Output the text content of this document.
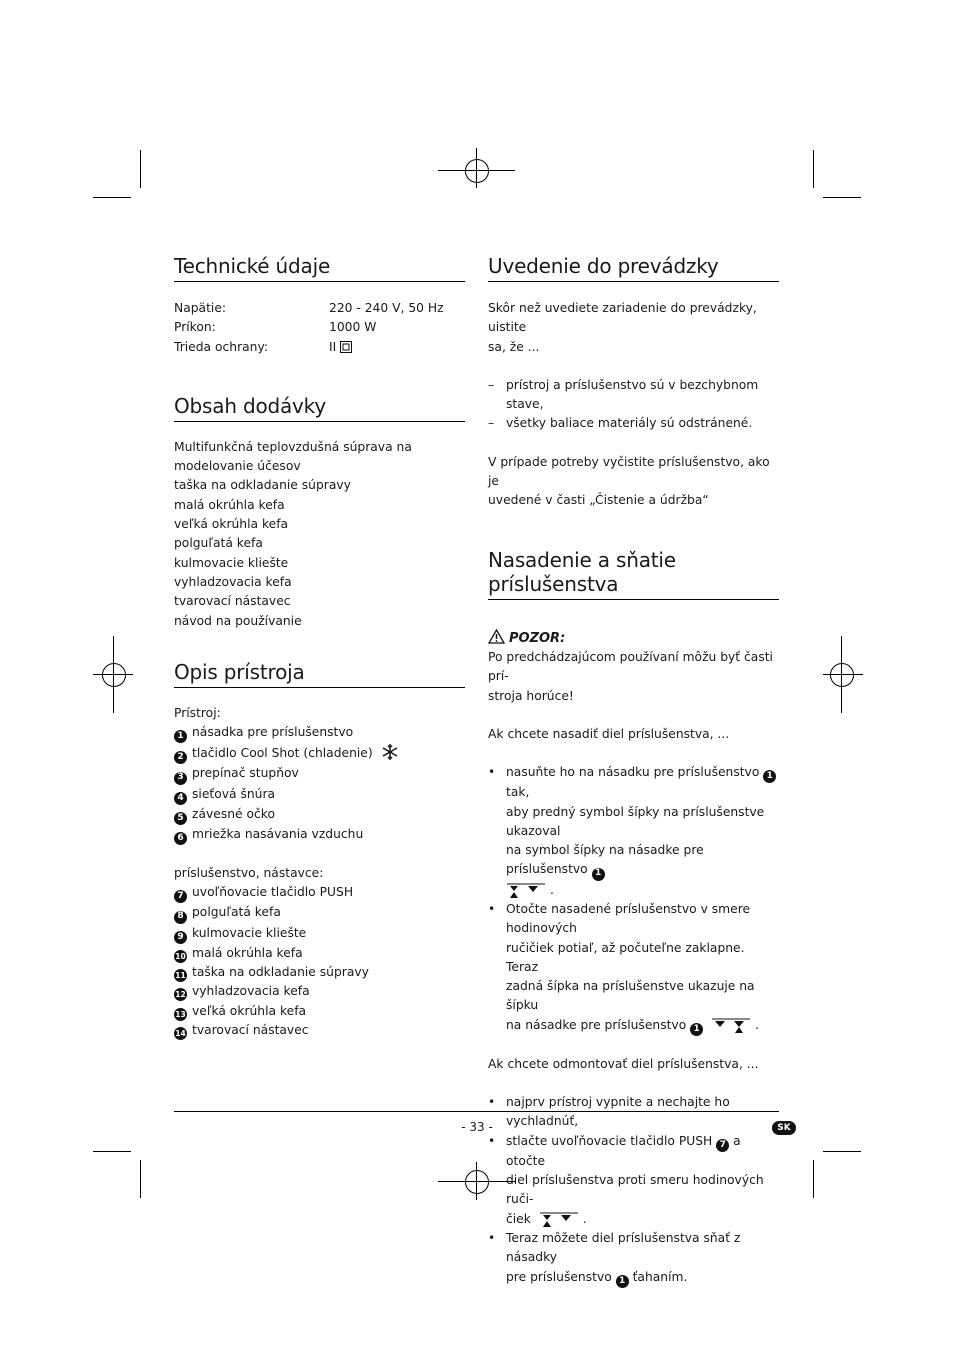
Technické údaje
Napätie:	220 - 240 V, 50 Hz
Príkon:	1000 W
Trieda ochrany:	II
Obsah dodávky
Multifunkčná teplovzdušná súprava na
modelovanie účesov
taška na odkladanie súpravy
malá okrúhla kefa
veľká okrúhla kefa
polguľatá kefa
kulmovacie kliešte
vyhladzovacia kefa
tvarovací nástavec
návod na používanie
Opis prístroja
Prístroj:
1 násadka pre príslušenstvo
2 tlačidlo Cool Shot (chladenie)
3 prepínač stupňov
4 sieťová šnúra
5 závesné očko
6 mriežka nasávania vzduchu
príslušenstvo, nástavce:
7 uvoľňovacie tlačidlo PUSH
8 polguľatá kefa
9 kulmovacie kliešte
10 malá okrúhla kefa
11 taška na odkladanie súpravy
12 vyhladzovacia kefa
13 veľká okrúhla kefa
14 tvarovací nástavec
Uvedenie do prevádzky
Skôr než uvediete zariadenie do prevádzky, uistite
sa, že ...
– prístroj a príslušenstvo sú v bezchybnom stave,
– všetky baliace materiály sú odstránené.
V prípade potreby vyčistite príslušenstvo, ako je
uvedené v časti „Čistenie a údržba“
Nasadenie a sňatie príslušenstva
POZOR:
Po predchádzajúcom používaní môžu byť časti prí-
stroja horúce!
Ak chcete nasadiť diel príslušenstva, ...
• nasuňte ho na násadku pre príslušenstvo 1 tak,
aby predný symbol šípky na príslušenstve ukazoval
na symbol šípky na násadke pre príslušenstvo 1
.
• Otočte nasadené príslušenstvo v smere hodinových
ručičiek potiaľ, až počuteľne zaklapne. Teraz
zadná šípka na príslušenstve ukazuje na šípku
na násadke pre príslušenstvo 1	.
Ak chcete odmontovať diel príslušenstva, ...
• najprv prístroj vypnite a nechajte ho vychladnúť,
• stlačte uvoľňovacie tlačidlo PUSH 7 a otočte
diel príslušenstva proti smeru hodinových ruči-
čiek	.
• Teraz môžete diel príslušenstva sňať z násadky
pre príslušenstvo 1 ťahaním.
- 33 -	SK
